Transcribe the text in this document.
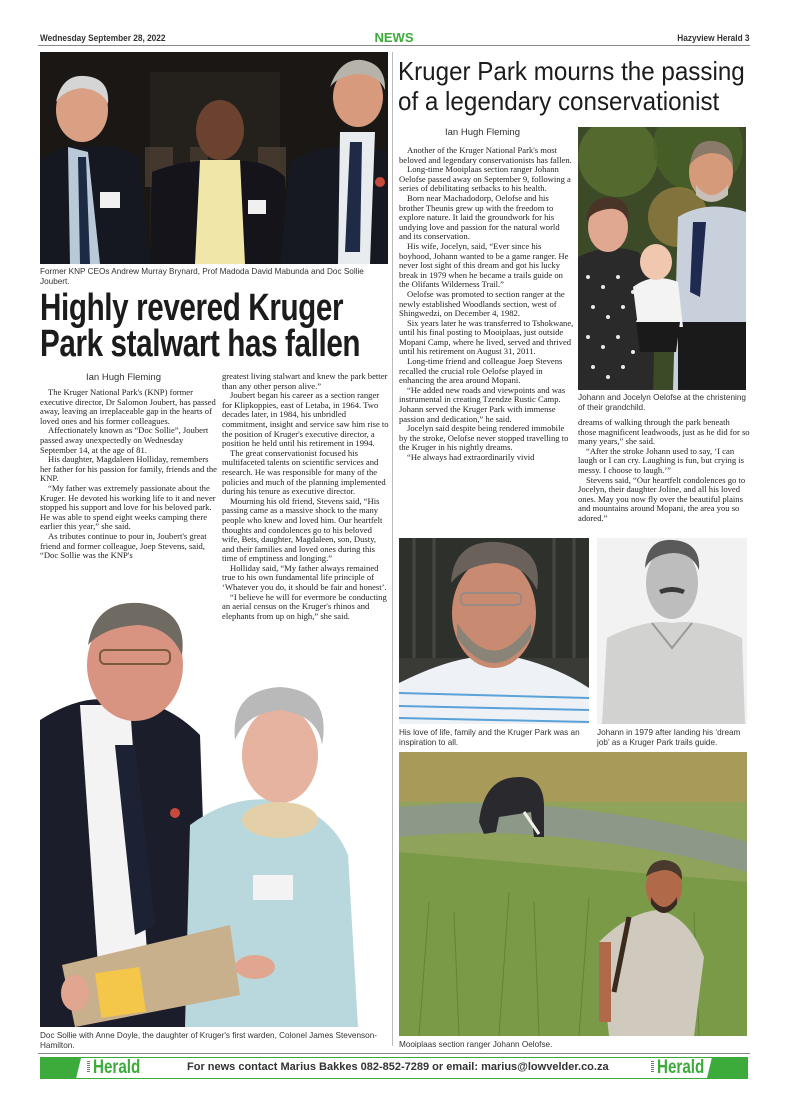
Wednesday September 28, 2022	NEWS	Hazyview Herald 3
Former KNP CEOs Andrew Murray Brynard, Prof Madoda David Mabunda and Doc Sollie Joubert.
Highly revered Kruger
Park stalwart has fallen
Ian Hugh Fleming

The Kruger National Park's (KNP) former executive director, Dr Salomon Joubert, has passed away, leaving an irreplaceable gap in the hearts of loved ones and his former colleagues.

Affectionately known as “Doc Sollie”, Joubert passed away unexpectedly on Wednesday September 14, at the age of 81.

His daughter, Magdaleen Holliday, remembers her father for his passion for family, friends and the KNP.

“My father was extremely passionate about the Kruger. He devoted his working life to it and never stopped his support and love for his beloved park. He was able to spend eight weeks camping there earlier this year,” she said.

As tributes continue to pour in, Joubert's great friend and former colleague, Joep Stevens, said, “Doc Sollie was the KNP's

greatest living stalwart and knew the park better than any other person alive.”

Joubert began his career as a section ranger for Klipkoppies, east of Letaba, in 1964. Two decades later, in 1984, his unbridled commitment, insight and service saw him rise to the position of Kruger's executive director, a position he held until his retirement in 1994.

The great conservationist focused his multifaceted talents on scientific services and research. He was responsible for many of the policies and much of the planning implemented during his tenure as executive director.

Mourning his old friend, Stevens said, “His passing came as a massive shock to the many people who knew and loved him. Our heartfelt thoughts and condolences go to his beloved wife, Bets, daughter, Magdaleen, son, Dusty, and their families and loved ones during this time of emptiness and longing.”

Holliday said, “My father always remained true to his own fundamental life principle of ‘Whatever you do, it should be fair and honest’.

“I believe he will for evermore be conducting an aerial census on the Kruger's rhinos and elephants from up on high,” she said.

Doc Sollie with Anne Doyle, the daughter of Kruger's first warden, Colonel James Stevenson-Hamilton.
Kruger Park mourns the passing
of a legendary conservationist
Ian Hugh Fleming

Another of the Kruger National Park's most beloved and legendary conservationists has fallen.

Long-time Mooiplaas section ranger Johann Oelofse passed away on September 9, following a series of debilitating setbacks to his health.

Born near Machadodorp, Oelofse and his brother Theunis grew up with the freedom to explore nature. It laid the groundwork for his undying love and passion for the natural world and its conservation.

His wife, Jocelyn, said, “Ever since his boyhood, Johann wanted to be a game ranger. He never lost sight of this dream and got his lucky break in 1979 when he became a trails guide on the Olifants Wilderness Trail.”

Oelofse was promoted to section ranger at the newly established Woodlands section, west of Shingwedzi, on December 4, 1982.

Six years later he was transferred to Tshokwane, until his final posting to Mooiplaas, just outside Mopani Camp, where he lived, served and thrived until his retirement on August 31, 2011.

Long-time friend and colleague Joep Stevens recalled the crucial role Oelofse played in enhancing the area around Mopani.

“He added new roads and viewpoints and was instrumental in creating Tzendze Rustic Camp. Johann served the Kruger Park with immense passion and dedication,” he said.

Jocelyn said despite being rendered immobile by the stroke, Oelofse never stopped travelling to the Kruger in his nightly dreams.

“He always had extraordinarily vivid

Johann and Jocelyn Oelofse at the christening of their grandchild.

dreams of walking through the park beneath those magnificent leadwoods, just as he did for so many years,” she said.

“After the stroke Johann used to say, ‘I can laugh or I can cry. Laughing is fun, but crying is messy. I choose to laugh.’”

Stevens said, “Our heartfelt condolences go to Jocelyn, their daughter Joline, and all his loved ones. May you now fly over the beautiful plains and mountains around Mopani, the area you so adored.”

His love of life, family and the Kruger Park was an inspiration to all.
Johann in 1979 after landing his ‘dream job’ as a Kruger Park trails guide.
Mooiplaas section ranger Johann Oelofse.
Herald	For news contact Marius Bakkes 082-852-7289 or email: marius@lowvelder.co.za	Herald
